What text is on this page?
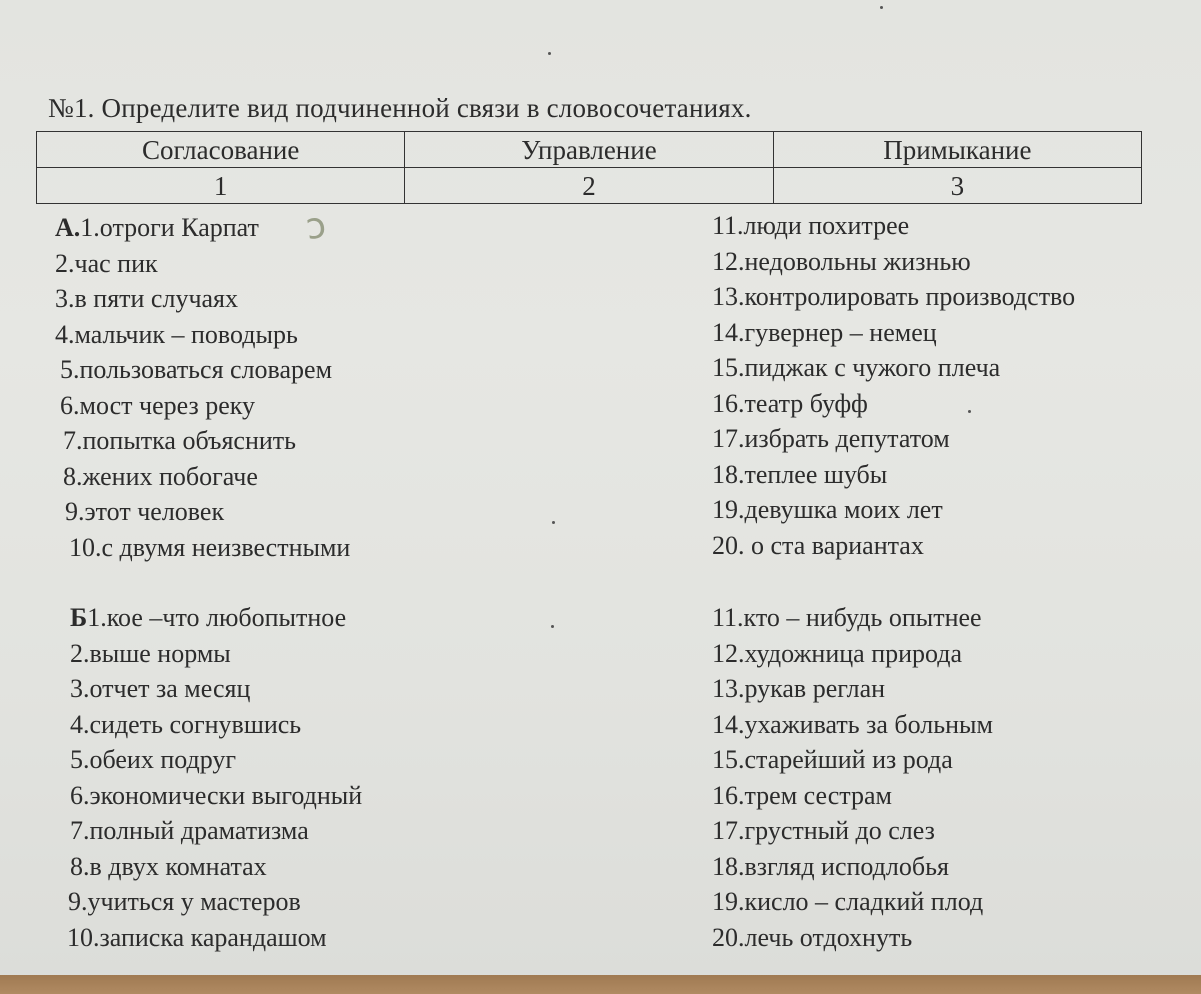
№1. Определите вид подчиненной связи в словосочетаниях.
Согласование	Управление	Примыкание
1	2	3
А.1.отроги Карпат
2.час пик
3.в пяти случаях
4.мальчик – поводырь
5.пользоваться словарем
6.мост через реку
7.попытка объяснить
8.жених побогаче
9.этот человек
10.с двумя неизвестными
ↄ	11.люди похитрее
12.недовольны жизнью
13.контролировать производство
14.гувернер – немец
15.пиджак с чужого плеча
16.театр буфф
17.избрать депутатом
18.теплее шубы
19.девушка моих лет
20. о ста вариантах
Б1.кое –что любопытное
2.выше нормы
3.отчет за месяц
4.сидеть согнувшись
5.обеих подруг
6.экономически выгодный
7.полный драматизма
8.в двух комнатах
9.учиться у мастеров
10.записка карандашом
11.кто – нибудь опытнее
12.художница природа
13.рукав реглан
14.ухаживать за больным
15.старейший из рода
16.трем сестрам
17.грустный до слез
18.взгляд исподлобья
19.кисло – сладкий плод
20.лечь отдохнуть
